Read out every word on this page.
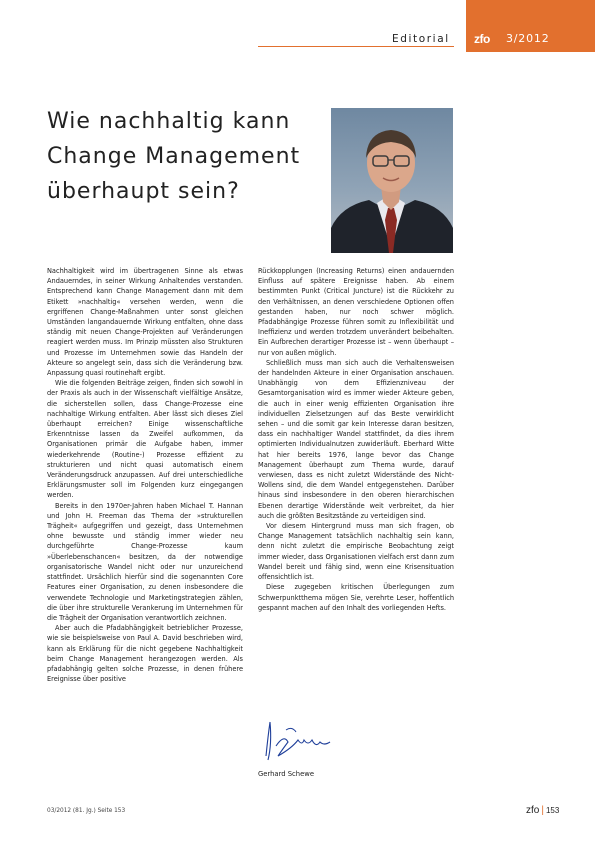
Editorial zfo 3/2012
Wie nachhaltig kann
Change Management
überhaupt sein?

Nachhaltigkeit wird im übertragenen Sinne als etwas Andauerndes, in seiner Wirkung Anhaltendes verstanden. Entsprechend kann Change Management dann mit dem Etikett »nachhaltig« versehen werden, wenn die ergriffenen Change-Maßnahmen unter sonst gleichen Umständen langandauernde Wirkung entfalten, ohne dass ständig mit neuen Change-Projekten auf Veränderungen reagiert werden muss. Im Prinzip müssten also Strukturen und Prozesse im Unternehmen sowie das Handeln der Akteure so angelegt sein, dass sich die Veränderung bzw. Anpassung quasi routinehaft ergibt.

Wie die folgenden Beiträge zeigen, finden sich sowohl in der Praxis als auch in der Wissenschaft vielfältige Ansätze, die sicherstellen sollen, dass Change-Prozesse eine nachhaltige Wirkung entfalten. Aber lässt sich dieses Ziel überhaupt erreichen? Einige wissenschaftliche Erkenntnisse lassen da Zweifel aufkommen, da Organisationen primär die Aufgabe haben, immer wiederkehrende (Routine-) Prozesse effizient zu strukturieren und nicht quasi automatisch einem Veränderungsdruck anzupassen. Auf drei unterschiedliche Erklärungsmuster soll im Folgenden kurz eingegangen werden.

Bereits in den 1970er-Jahren haben Michael T. Hannan und John H. Freeman das Thema der »strukturellen Trägheit« aufgegriffen und gezeigt, dass Unternehmen ohne bewusste und ständig immer wieder neu durchgeführte Change-Prozesse kaum »Überlebenschancen« besitzen, da der notwendige organisatorische Wandel nicht oder nur unzureichend stattfindet. Ursächlich hierfür sind die sogenannten Core Features einer Organisation, zu denen insbesondere die verwendete Technologie und Marketingstrategien zählen, die über ihre strukturelle Verankerung im Unternehmen für die Trägheit der Organisation verantwortlich zeichnen.

Aber auch die Pfadabhängigkeit betrieblicher Prozesse, wie sie beispielsweise von Paul A. David beschrieben wird, kann als Erklärung für die nicht gegebene Nachhaltigkeit beim Change Management herangezogen werden. Als pfadabhängig gelten solche Prozesse, in denen frühere Ereignisse über positive

Rückkopplungen (Increasing Returns) einen andauernden Einfluss auf spätere Ereignisse haben. Ab einem bestimmten Punkt (Critical Juncture) ist die Rückkehr zu den Verhältnissen, an denen verschiedene Optionen offen gestanden haben, nur noch schwer möglich. Pfadabhängige Prozesse führen somit zu Inflexibilität und Ineffizienz und werden trotzdem unverändert beibehalten. Ein Aufbrechen derartiger Prozesse ist – wenn überhaupt – nur von außen möglich.

Schließlich muss man sich auch die Verhaltensweisen der handelnden Akteure in einer Organisation anschauen. Unabhängig von dem Effizienzniveau der Gesamtorganisation wird es immer wieder Akteure geben, die auch in einer wenig effizienten Organisation ihre individuellen Zielsetzungen auf das Beste verwirklicht sehen – und die somit gar kein Interesse daran besitzen, dass ein nachhaltiger Wandel stattfindet, da dies ihrem optimierten Individualnutzen zuwiderläuft. Eberhard Witte hat hier bereits 1976, lange bevor das Change Management überhaupt zum Thema wurde, darauf verwiesen, dass es nicht zuletzt Widerstände des Nicht-Wollens sind, die dem Wandel entgegenstehen. Darüber hinaus sind insbesondere in den oberen hierarchischen Ebenen derartige Widerstände weit verbreitet, da hier auch die größten Besitzstände zu verteidigen sind.

Vor diesem Hintergrund muss man sich fragen, ob Change Management tatsächlich nachhaltig sein kann, denn nicht zuletzt die empirische Beobachtung zeigt immer wieder, dass Organisationen vielfach erst dann zum Wandel bereit und fähig sind, wenn eine Krisensituation offensichtlich ist.

Diese zugegeben kritischen Überlegungen zum Schwerpunktthema mögen Sie, verehrte Leser, hoffentlich gespannt machen auf den Inhalt des vorliegenden Hefts.

Gerhard Schewe
03/2012 (81. Jg.) Seite 153	zfo | 153
